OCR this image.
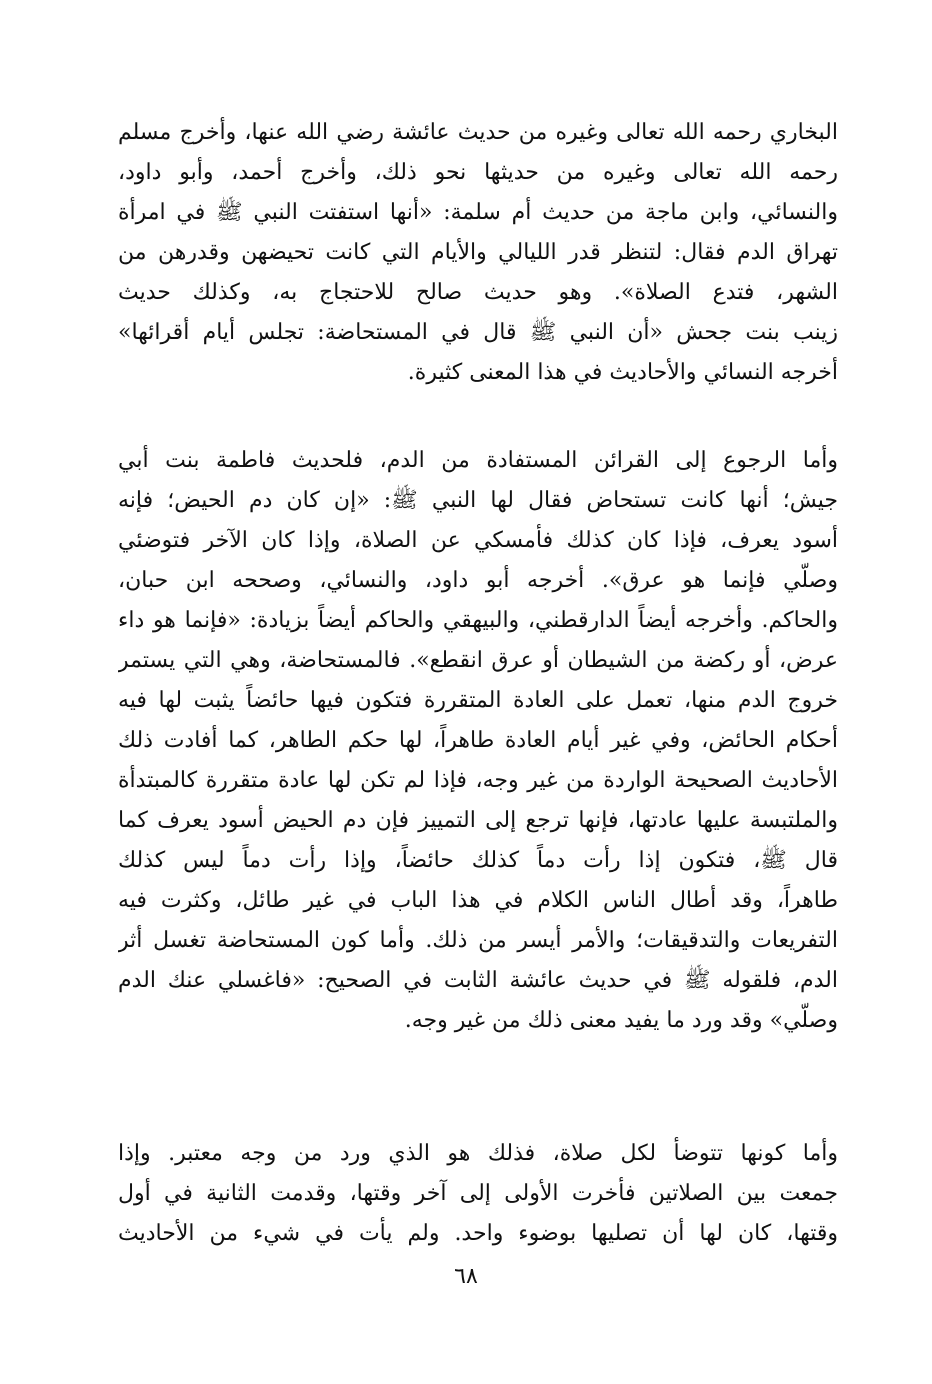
البخاري رحمه الله تعالى وغيره من حديث عائشة رضي الله عنها، وأخرج مسلم
رحمه الله تعالى وغيره من حديثها نحو ذلك، وأخرج أحمد، وأبو داود،
والنسائي، وابن ماجة من حديث أم سلمة: «أنها استفتت النبي ﷺ في امرأة
تهراق الدم فقال: لتنظر قدر الليالي والأيام التي كانت تحيضهن وقدرهن من
الشهر، فتدع الصلاة». وهو حديث صالح للاحتجاج به، وكذلك حديث
زينب بنت جحش «أن النبي ﷺ قال في المستحاضة: تجلس أيام أقرائها»
أخرجه النسائي والأحاديث في هذا المعنى كثيرة.
وأما الرجوع إلى القرائن المستفادة من الدم، فلحديث فاطمة بنت أبي
جيش؛ أنها كانت تستحاض فقال لها النبي ﷺ: «إن كان دم الحيض؛ فإنه
أسود يعرف، فإذا كان كذلك فأمسكي عن الصلاة، وإذا كان الآخر فتوضئي
وصلّي فإنما هو عرق». أخرجه أبو داود، والنسائي، وصححه ابن حبان،
والحاكم. وأخرجه أيضاً الدارقطني، والبيهقي والحاكم أيضاً بزيادة: «فإنما هو داء
عرض، أو ركضة من الشيطان أو عرق انقطع». فالمستحاضة، وهي التي يستمر
خروج الدم منها، تعمل على العادة المتقررة فتكون فيها حائضاً يثبت لها فيه
أحكام الحائض، وفي غير أيام العادة طاهراً، لها حكم الطاهر، كما أفادت ذلك
الأحاديث الصحيحة الواردة من غير وجه، فإذا لم تكن لها عادة متقررة كالمبتدأة
والملتبسة عليها عادتها، فإنها ترجع إلى التمييز فإن دم الحيض أسود يعرف كما
قال ﷺ، فتكون إذا رأت دماً كذلك حائضاً، وإذا رأت دماً ليس كذلك
طاهراً، وقد أطال الناس الكلام في هذا الباب في غير طائل، وكثرت فيه
التفريعات والتدقيقات؛ والأمر أيسر من ذلك. وأما كون المستحاضة تغسل أثر
الدم، فلقوله ﷺ في حديث عائشة الثابت في الصحيح: «فاغسلي عنك الدم
وصلّي» وقد ورد ما يفيد معنى ذلك من غير وجه.
وأما كونها تتوضأ لكل صلاة، فذلك هو الذي ورد من وجه معتبر. وإذا
جمعت بين الصلاتين فأخرت الأولى إلى آخر وقتها، وقدمت الثانية في أول
وقتها، كان لها أن تصليها بوضوء واحد. ولم يأت في شيء من الأحاديث
٦٨
